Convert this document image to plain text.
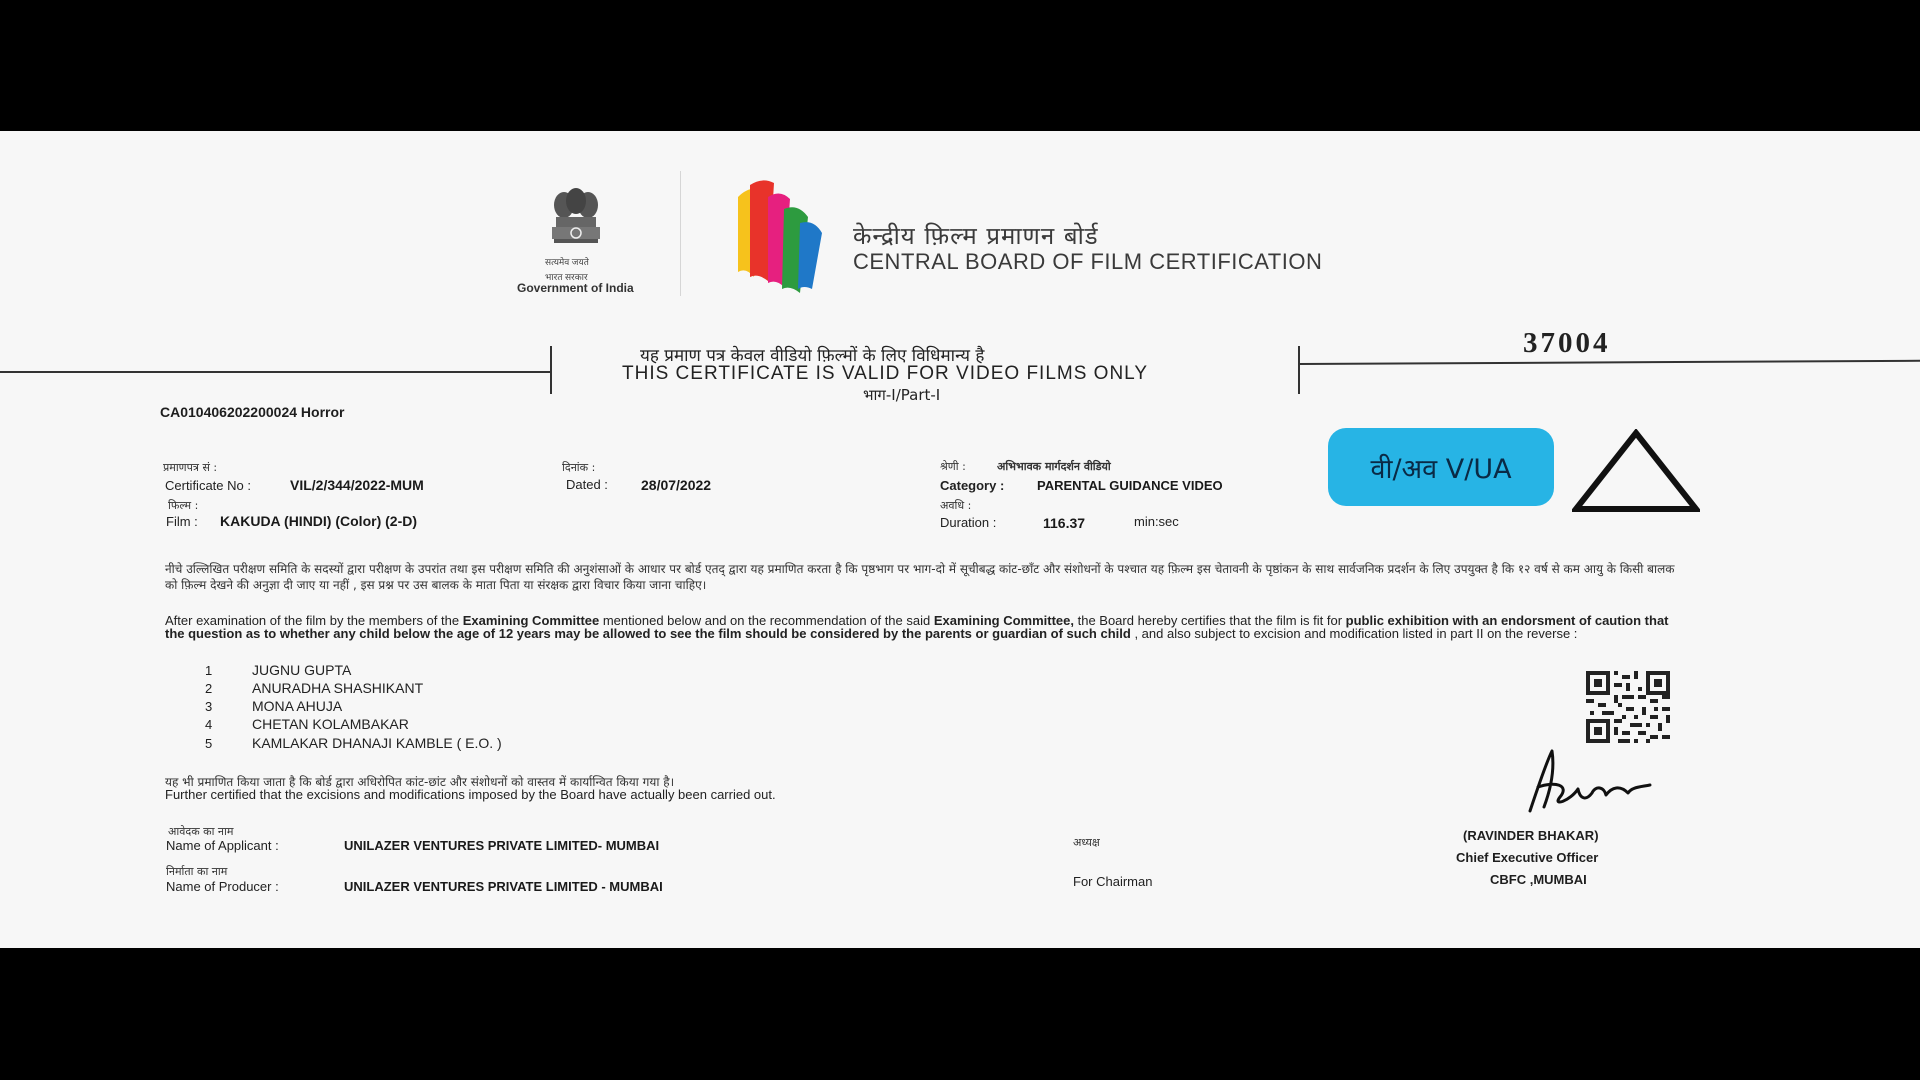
सत्यमेव जयते
भारत सरकार
Government of India
केन्द्रीय फ़िल्म प्रमाणन बोर्ड
CENTRAL BOARD OF FILM CERTIFICATION
यह प्रमाण पत्र केवल वीडियो फ़िल्मों के लिए विधिमान्य है
THIS CERTIFICATE IS VALID FOR VIDEO FILMS ONLY
भाग-I/Part-I
37004
CA010406202200024 Horror
प्रमाणपत्र सं :
Certificate No :	VIL/2/344/2022-MUM
दिनांक :
Dated : 28/07/2022
श्रेणी :	अभिभावक मार्गदर्शन वीडियो
Category :	PARENTAL GUIDANCE VIDEO
फिल्म :
Film : KAKUDA (HINDI) (Color) (2-D)
अवधि :
Duration :	116.37	min:sec
वी/अव V/UA
नीचे उल्लिखित परीक्षण समिति के सदस्यों द्वारा परीक्षण के उपरांत तथा इस परीक्षण समिति की अनुशंसाओं के आधार पर बोर्ड एतद् द्वारा यह प्रमाणित करता है कि पृष्ठभाग पर भाग-दो में सूचीबद्ध कांट-छाँट और संशोधनों के पश्चात यह फ़िल्म इस चेतावनी के पृष्ठांकन के साथ सार्वजनिक प्रदर्शन के लिए उपयुक्त है कि १२ वर्ष से कम आयु के किसी बालक को फ़िल्म देखने की अनुज्ञा दी जाए या नहीं , इस प्रश्न पर उस बालक के माता पिता या संरक्षक द्वारा विचार किया जाना चाहिए।
After examination of the film by the members of the Examining Committee mentioned below and on the recommendation of the said Examining Committee, the Board hereby certifies that the film is fit for public exhibition with an endorsment of caution that the question as to whether any child below the age of 12 years may be allowed to see the film should be considered by the parents or guardian of such child , and also subject to excision and modification listed in part II on the reverse :
1	JUGNU GUPTA
2	ANURADHA SHASHIKANT
3	MONA AHUJA
4	CHETAN KOLAMBAKAR
5	KAMLAKAR DHANAJI KAMBLE ( E.O. )
यह भी प्रमाणित किया जाता है कि बोर्ड द्वारा अधिरोपित कांट-छांट और संशोधनों को वास्तव में कार्यान्वित किया गया है।
Further certified that the excisions and modifications imposed by the Board have actually been carried out.
आवेदक का नाम
Name of Applicant :	UNILAZER VENTURES PRIVATE LIMITED- MUMBAI
निर्माता का नाम
Name of Producer :	UNILAZER VENTURES PRIVATE LIMITED - MUMBAI
अध्यक्ष
For Chairman
(RAVINDER BHAKAR)
Chief Executive Officer
CBFC ,MUMBAI
